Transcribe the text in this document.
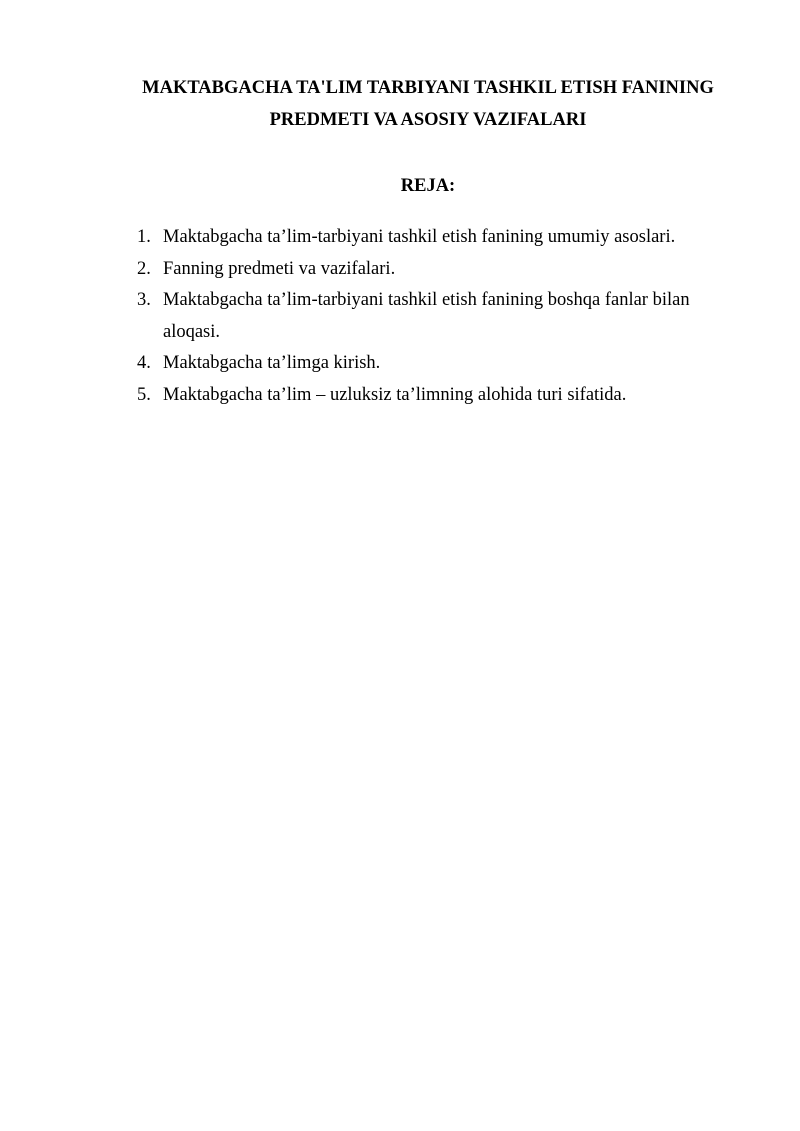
MAKTABGACHA TA'LIM TARBIYANI TASHKIL ETISH FANINING
PREDMETI VA ASOSIY VAZIFALARI
REJA:
1. Maktabgacha ta’lim-tarbiyani tashkil etish fanining umumiy asoslari.
2. Fanning predmeti va vazifalari.
3. Maktabgacha ta’lim-tarbiyani tashkil etish fanining boshqa fanlar bilan aloqasi.
4. Maktabgacha ta’limga kirish.
5. Maktabgacha ta’lim – uzluksiz ta’limning alohida turi sifatida.
